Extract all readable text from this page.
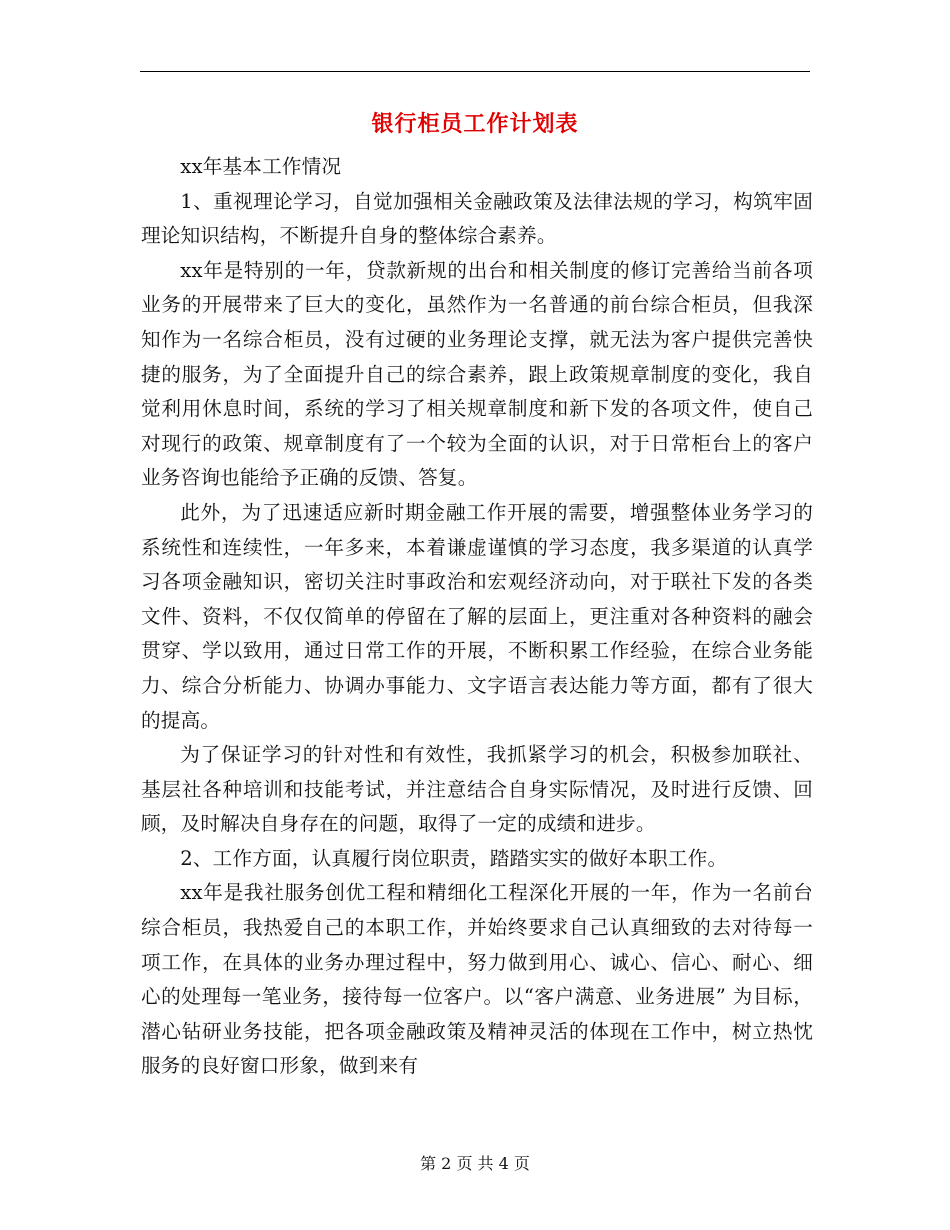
银行柜员工作计划表

xx年基本工作情况

1、重视理论学习，自觉加强相关金融政策及法律法规的学习，构筑牢固理论知识结构，不断提升自身的整体综合素养。

xx年是特别的一年，贷款新规的出台和相关制度的修订完善给当前各项业务的开展带来了巨大的变化，虽然作为一名普通的前台综合柜员，但我深知作为一名综合柜员，没有过硬的业务理论支撑，就无法为客户提供完善快捷的服务，为了全面提升自己的综合素养，跟上政策规章制度的变化，我自觉利用休息时间，系统的学习了相关规章制度和新下发的各项文件，使自己对现行的政策、规章制度有了一个较为全面的认识，对于日常柜台上的客户业务咨询也能给予正确的反馈、答复。

此外，为了迅速适应新时期金融工作开展的需要，增强整体业务学习的系统性和连续性，一年多来，本着谦虚谨慎的学习态度，我多渠道的认真学习各项金融知识，密切关注时事政治和宏观经济动向，对于联社下发的各类文件、资料，不仅仅简单的停留在了解的层面上，更注重对各种资料的融会贯穿、学以致用，通过日常工作的开展，不断积累工作经验，在综合业务能力、综合分析能力、协调办事能力、文字语言表达能力等方面，都有了很大的提高。

为了保证学习的针对性和有效性，我抓紧学习的机会，积极参加联社、基层社各种培训和技能考试，并注意结合自身实际情况，及时进行反馈、回顾，及时解决自身存在的问题，取得了一定的成绩和进步。

2、工作方面，认真履行岗位职责，踏踏实实的做好本职工作。

xx年是我社服务创优工程和精细化工程深化开展的一年，作为一名前台综合柜员，我热爱自己的本职工作，并始终要求自己认真细致的去对待每一项工作，在具体的业务办理过程中，努力做到用心、诚心、信心、耐心、细心的处理每一笔业务，接待每一位客户。以“客户满意、业务进展” 为目标，潜心钻研业务技能，把各项金融政策及精神灵活的体现在工作中，树立热忱服务的良好窗口形象，做到来有

第 2 页 共 4 页
